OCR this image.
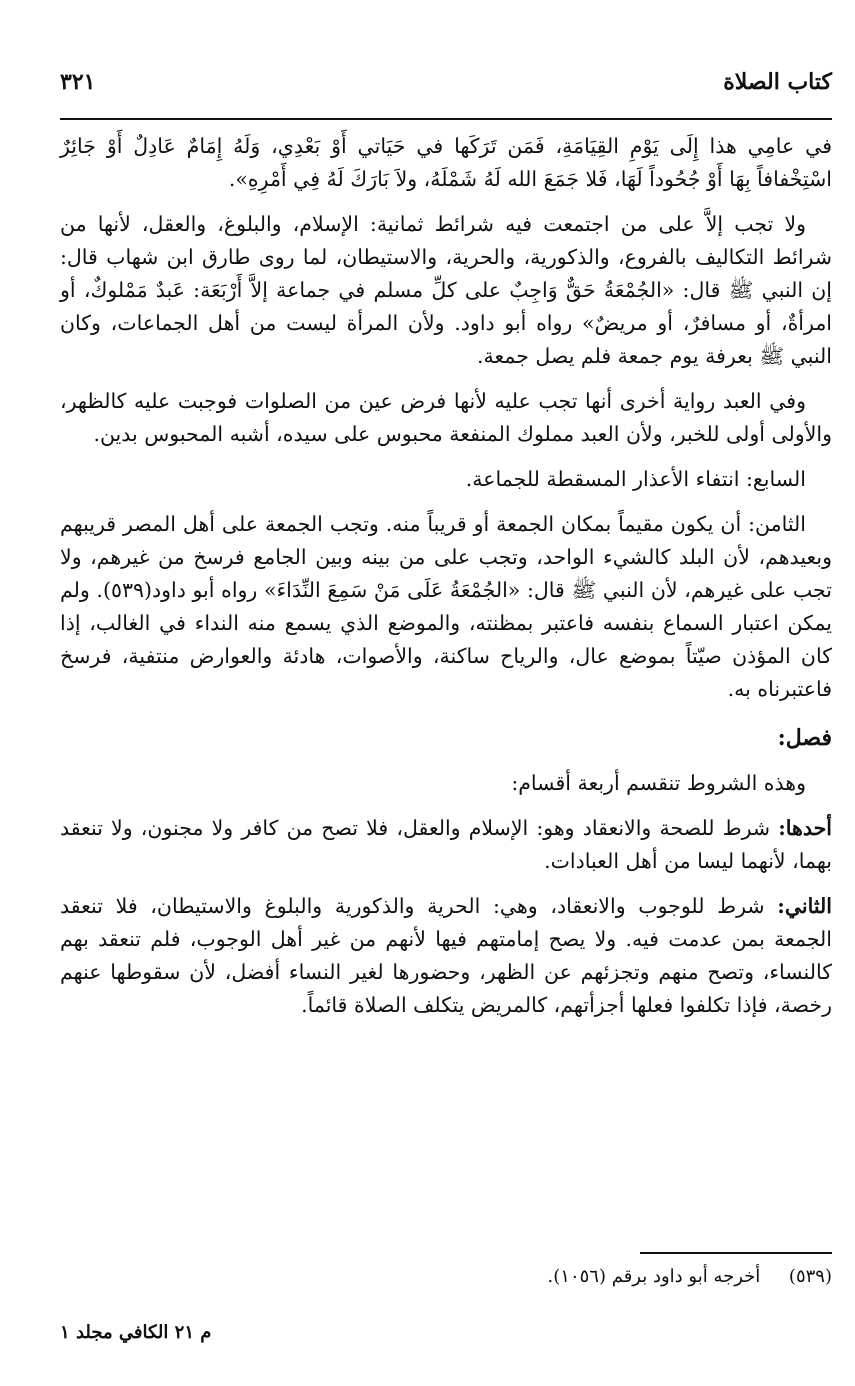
كتاب الصلاة
٣٢١

في عامِي هذا إِلَى يَوْمِ القِيَامَةِ، فَمَن تَرَكَها في حَيَاتي أَوْ بَعْدِي، وَلَهُ إِمَامٌ عَادِلٌ أَوْ جَائِرٌ اسْتِخْفافاً بِهَا أَوْ جُحُوداً لَهَا، فَلا جَمَعَ الله لَهُ شَمْلَهُ، ولاَ بَارَكَ لَهُ فِي أَمْرِهِ».

ولا تجب إلاَّ على من اجتمعت فيه شرائط ثمانية: الإسلام، والبلوغ، والعقل، لأنها من شرائط التكاليف بالفروع، والذكورية، والحرية، والاستيطان، لما روى طارق ابن شهاب قال: إن النبي ﷺ قال: «الجُمْعَةُ حَقٌّ وَاجِبٌ على كلِّ مسلم في جماعة إلاَّ أَرْبَعَة: عَبدٌ مَمْلوكٌ، أو امرأةٌ، أو مسافرٌ، أو مريضٌ» رواه أبو داود. ولأن المرأة ليست من أهل الجماعات، وكان النبي ﷺ بعرفة يوم جمعة فلم يصل جمعة.

وفي العبد رواية أخرى أنها تجب عليه لأنها فرض عين من الصلوات فوجبت عليه كالظهر، والأولى أولى للخبر، ولأن العبد مملوك المنفعة محبوس على سيده، أشبه المحبوس بدين.

السابع: انتفاء الأعذار المسقطة للجماعة.

الثامن: أن يكون مقيماً بمكان الجمعة أو قريباً منه. وتجب الجمعة على أهل المصر قريبهم وبعيدهم، لأن البلد كالشيء الواحد، وتجب على من بينه وبين الجامع فرسخ من غيرهم، ولا تجب على غيرهم، لأن النبي ﷺ قال: «الجُمْعَةُ عَلَى مَنْ سَمِعَ النِّدَاءَ» رواه أبو داود(٥٣٩). ولم يمكن اعتبار السماع بنفسه فاعتبر بمظنته، والموضع الذي يسمع منه النداء في الغالب، إذا كان المؤذن صيّتاً بموضع عال، والرياح ساكنة، والأصوات، هادئة والعوارض منتفية، فرسخ فاعتبرناه به.

فصل:

وهذه الشروط تنقسم أربعة أقسام:

أحدها: شرط للصحة والانعقاد وهو: الإسلام والعقل، فلا تصح من كافر ولا مجنون، ولا تنعقد بهما، لأنهما ليسا من أهل العبادات.

الثاني: شرط للوجوب والانعقاد، وهي: الحرية والذكورية والبلوغ والاستيطان، فلا تنعقد الجمعة بمن عدمت فيه. ولا يصح إمامتهم فيها لأنهم من غير أهل الوجوب، فلم تنعقد بهم كالنساء، وتصح منهم وتجزئهم عن الظهر، وحضورها لغير النساء أفضل، لأن سقوطها عنهم رخصة، فإذا تكلفوا فعلها أجزأتهم، كالمريض يتكلف الصلاة قائماً.

(٥٣٩)     أخرجه أبو داود برقم (١٠٥٦).
م ٢١ الكافي مجلد ١
